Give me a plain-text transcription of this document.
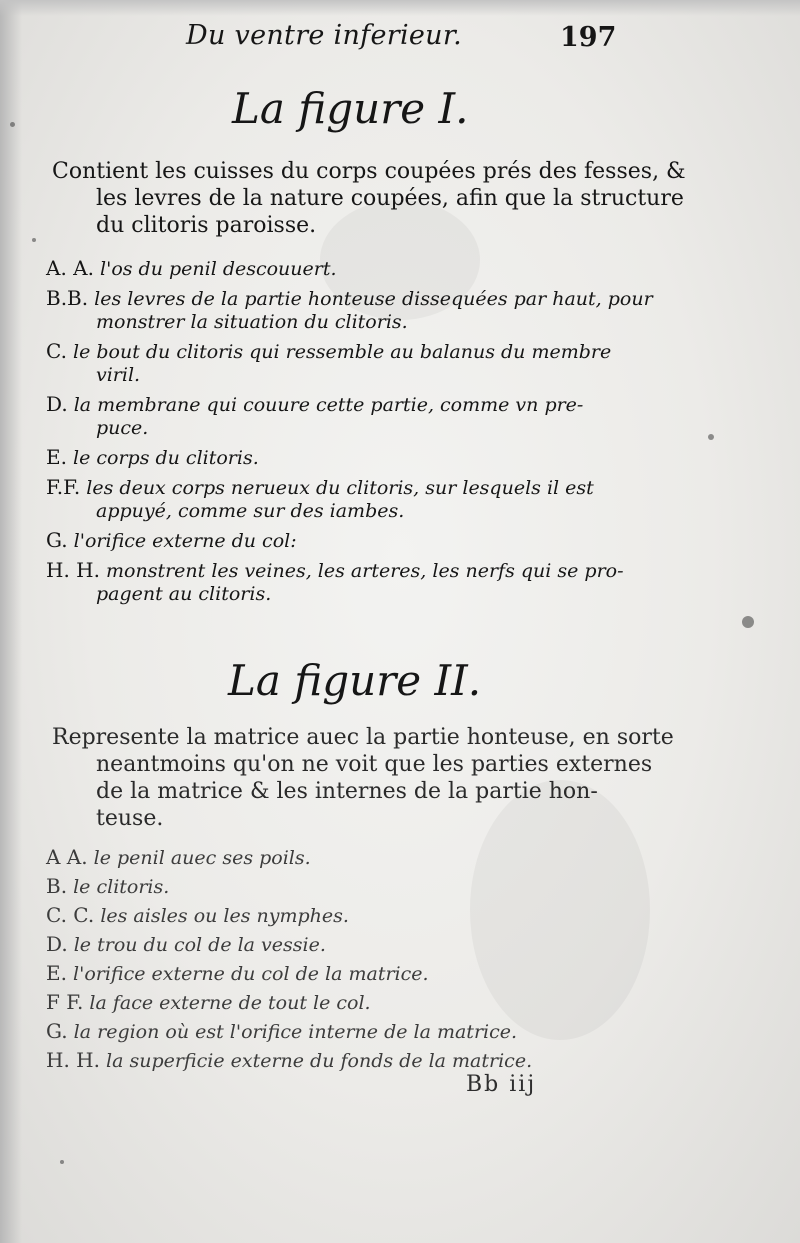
Du ventre inferieur.	197
La figure I.
Contient les cuisses du corps coupées prés des fesses, &
les levres de la nature coupées, afin que la structure
du clitoris paroisse.
A. A. l'os du penil descouuert.
B.B. les levres de la partie honteuse dissequées par haut, pour
monstrer la situation du clitoris.
C. le bout du clitoris qui ressemble au balanus du membre
viril.
D. la membrane qui couure cette partie, comme vn pre-
puce.
E. le corps du clitoris.
F.F. les deux corps nerueux du clitoris, sur lesquels il est
appuyé, comme sur des iambes.
G. l'orifice externe du col:
H. H. monstrent les veines, les arteres, les nerfs qui se pro-
pagent au clitoris.
La figure II.
Represente la matrice auec la partie honteuse, en sorte
neantmoins qu'on ne voit que les parties externes
de la matrice & les internes de la partie hon-
teuse.
A A. le penil auec ses poils.
B. le clitoris.
C. C. les aisles ou les nymphes.
D. le trou du col de la vessie.
E. l'orifice externe du col de la matrice.
F F. la face externe de tout le col.
G. la region où est l'orifice interne de la matrice.
H. H. la superficie externe du fonds de la matrice.
Bb iij
